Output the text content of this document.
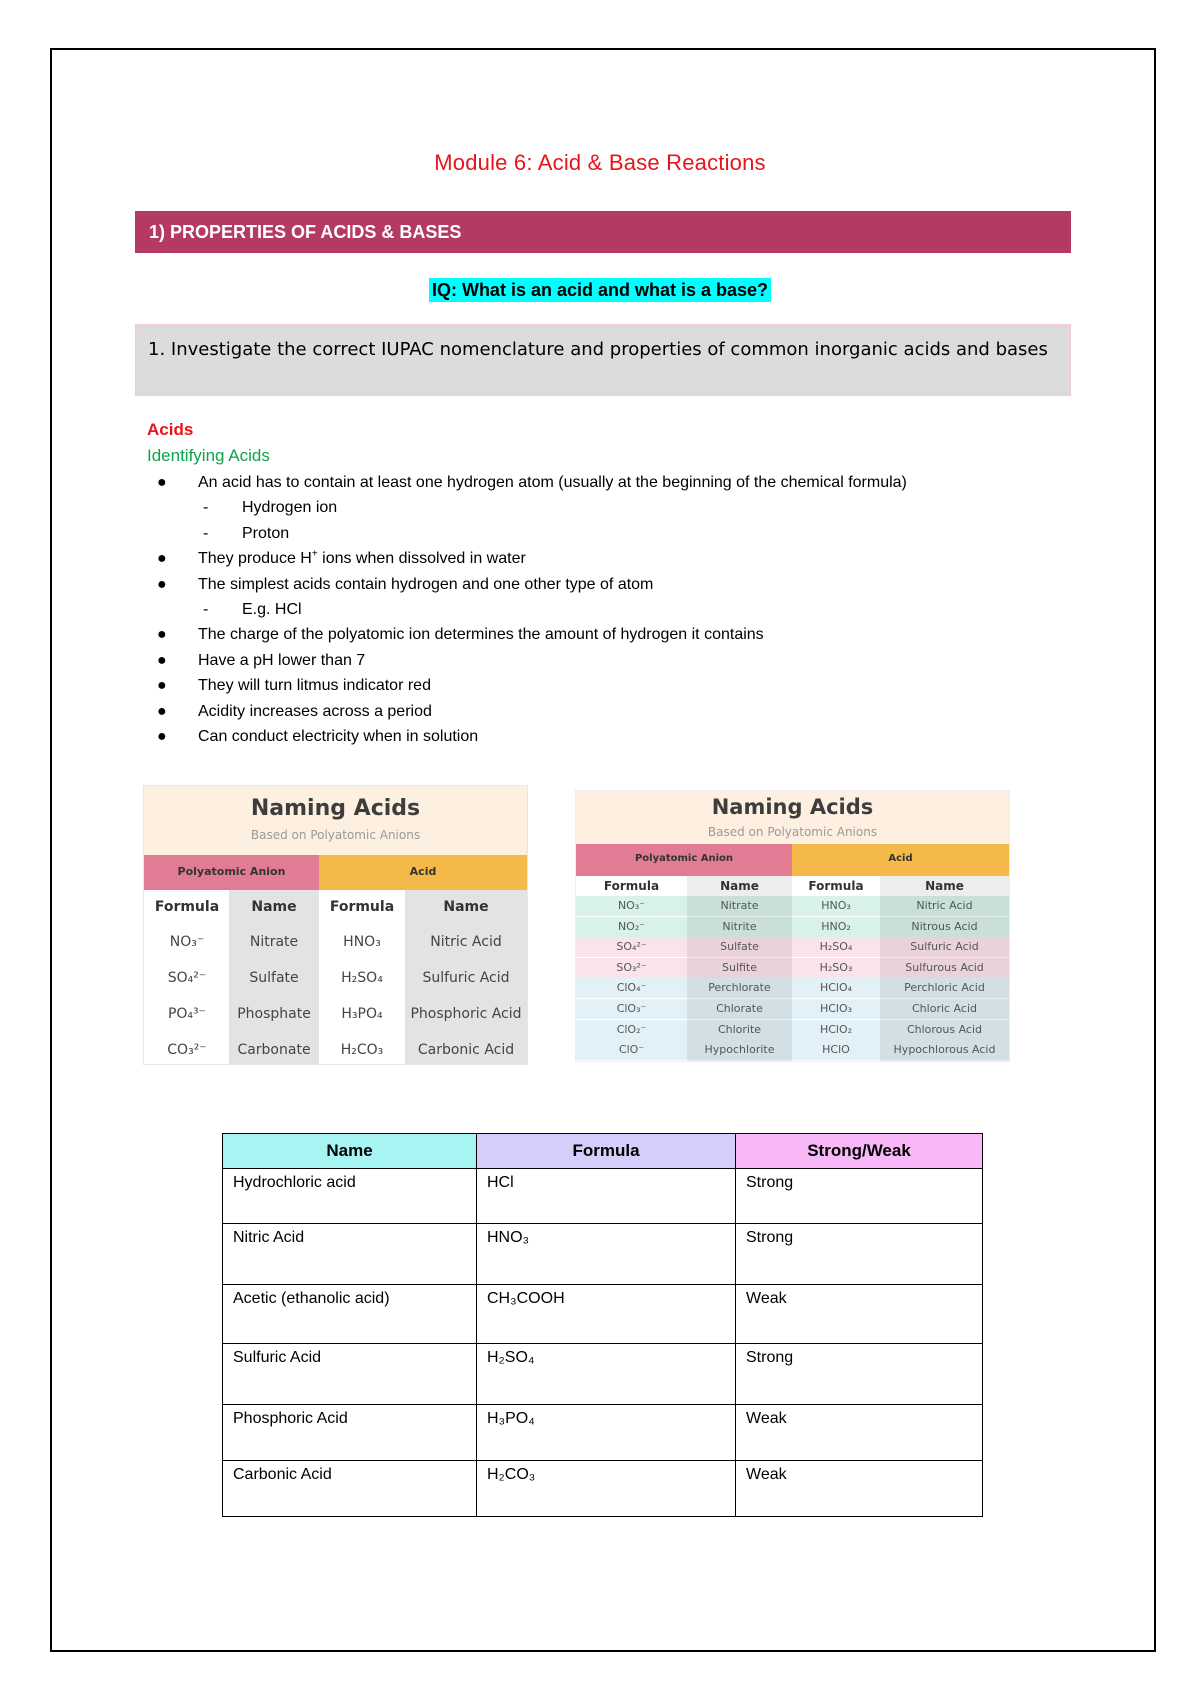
Module 6: Acid & Base Reactions
1) PROPERTIES OF ACIDS & BASES
IQ: What is an acid and what is a base?
1. Investigate the correct IUPAC nomenclature and properties of common inorganic acids and bases
Acids
Identifying Acids
● An acid has to contain at least one hydrogen atom (usually at the beginning of the chemical formula)
- Hydrogen ion
- Proton
● They produce H+ ions when dissolved in water
● The simplest acids contain hydrogen and one other type of atom
- E.g. HCl
● The charge of the polyatomic ion determines the amount of hydrogen it contains
● Have a pH lower than 7
● They will turn litmus indicator red
● Acidity increases across a period
● Can conduct electricity when in solution
Naming Acids
Based on Polyatomic Anions
Polyatomic Anion	Acid
Formula	Name	Formula	Name
NO₃⁻	Nitrate	HNO₃	Nitric Acid
SO₄²⁻	Sulfate	H₂SO₄	Sulfuric Acid
PO₄³⁻	Phosphate	H₃PO₄	Phosphoric Acid
CO₃²⁻	Carbonate	H₂CO₃	Carbonic Acid
Naming Acids
Based on Polyatomic Anions
Polyatomic Anion	Acid
Formula	Name	Formula	Name
NO₃⁻	Nitrate	HNO₃	Nitric Acid
NO₂⁻	Nitrite	HNO₂	Nitrous Acid
SO₄²⁻	Sulfate	H₂SO₄	Sulfuric Acid
SO₃²⁻	Sulfite	H₂SO₃	Sulfurous Acid
ClO₄⁻	Perchlorate	HClO₄	Perchloric Acid
ClO₃⁻	Chlorate	HClO₃	Chloric Acid
ClO₂⁻	Chlorite	HClO₂	Chlorous Acid
ClO⁻	Hypochlorite	HClO	Hypochlorous Acid
Name	Formula	Strong/Weak
Hydrochloric acid	HCl	Strong
Nitric Acid	HNO₃	Strong
Acetic (ethanolic acid)	CH₃COOH	Weak
Sulfuric Acid	H₂SO₄	Strong
Phosphoric Acid	H₃PO₄	Weak
Carbonic Acid	H₂CO₃	Weak
